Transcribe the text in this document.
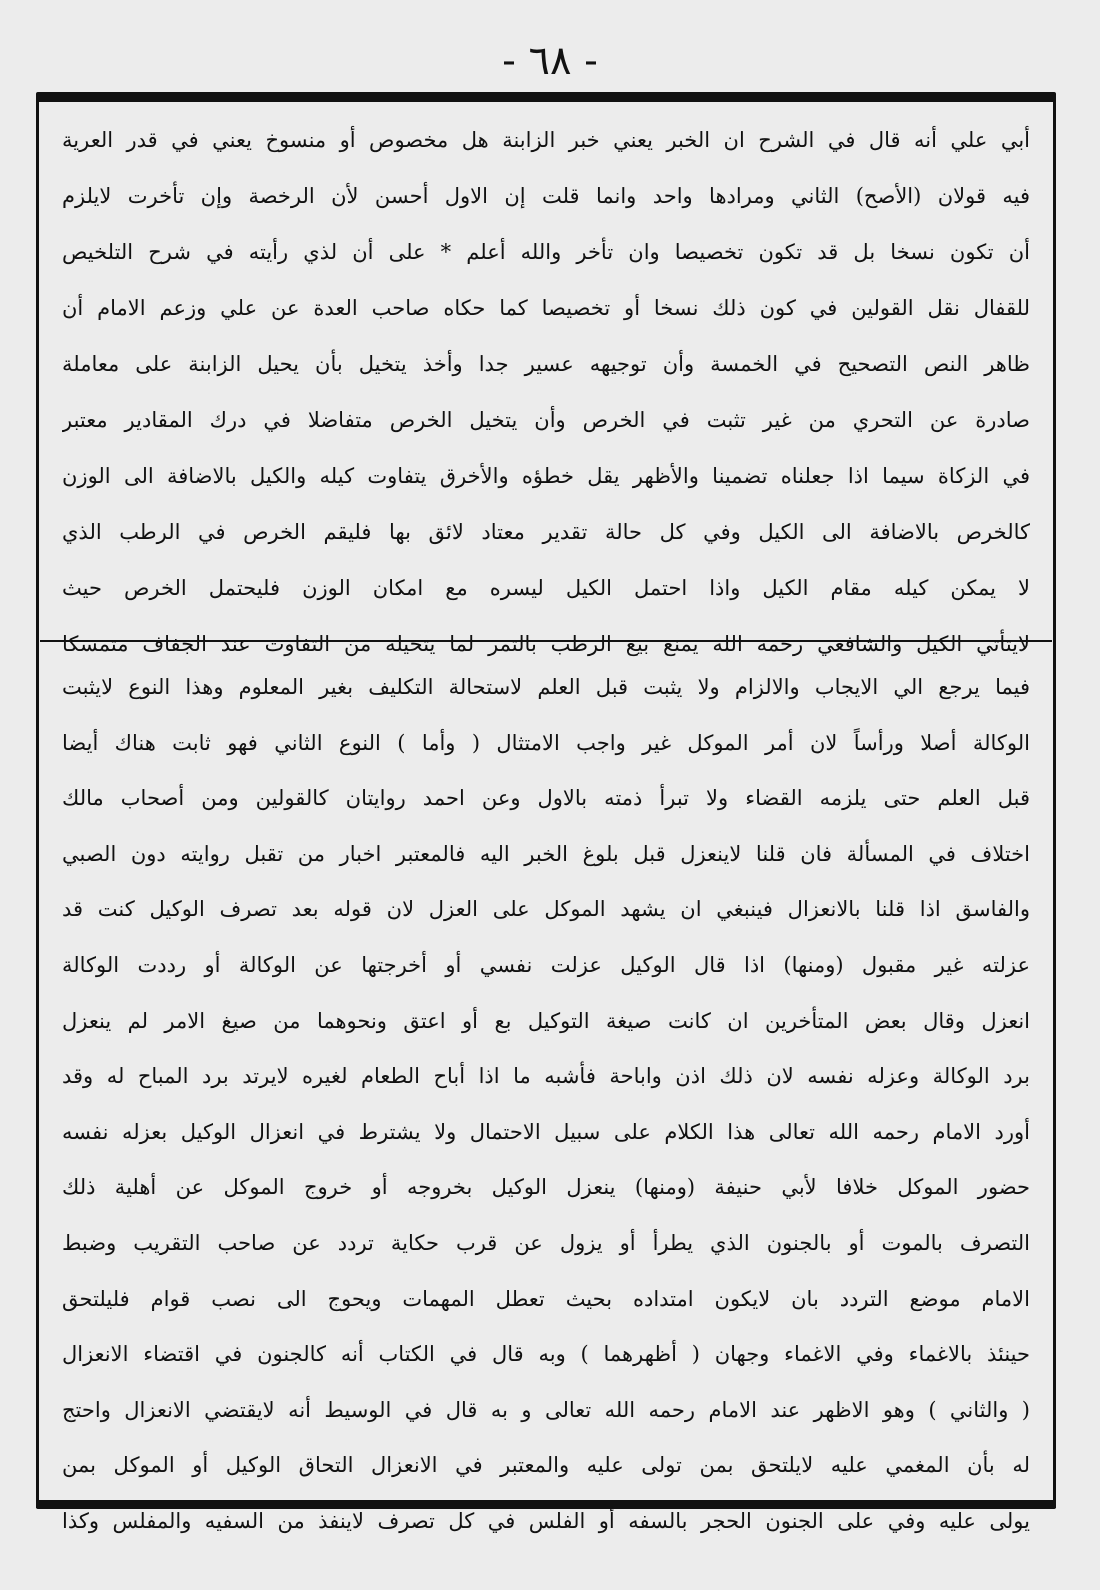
- ٦٨ -
أبي علي أنه قال في الشرح ان الخبر يعني خبر الزابنة هل مخصوص أو منسوخ يعني في قدر العرية
فيه قولان (الأصح) الثاني ومرادها واحد وانما قلت إن الاول أحسن لأن الرخصة وإن تأخرت لايلزم
أن تكون نسخا بل قد تكون تخصيصا وان تأخر والله أعلم * على أن لذي رأيته في شرح التلخيص
للقفال نقل القولين في كون ذلك نسخا أو تخصيصا كما حكاه صاحب العدة عن علي وزعم الامام أن
ظاهر النص التصحيح في الخمسة وأن توجيهه عسير جدا وأخذ يتخيل بأن يحيل الزابنة على معاملة
صادرة عن التحري من غير تثبت في الخرص وأن يتخيل الخرص متفاضلا في درك المقادير معتبر
في الزكاة سيما اذا جعلناه تضمينا والأظهر يقل خطؤه والأخرق يتفاوت كيله والكيل بالاضافة الى الوزن
كالخرص بالاضافة الى الكيل وفي كل حالة تقدير معتاد لائق بها فليقم الخرص في الرطب الذي
لا يمكن كيله مقام الكيل واذا احتمل الكيل ليسره مع امكان الوزن فليحتمل الخرص حيث
لايتأتي الكيل والشافعي رحمه الله يمنع بيع الرطب بالتمر لما يتخيله من التفاوت عند الجفاف متمسكا
فيما يرجع الي الايجاب والالزام ولا يثبت قبل العلم لاستحالة التكليف بغير المعلوم وهذا النوع لايثبت
الوكالة أصلا ورأساً لان أمر الموكل غير واجب الامتثال ( وأما ) النوع الثاني فهو ثابت هناك أيضا
قبل العلم حتى يلزمه القضاء ولا تبرأ ذمته بالاول وعن احمد روايتان كالقولين ومن أصحاب مالك
اختلاف في المسألة فان قلنا لاينعزل قبل بلوغ الخبر اليه فالمعتبر اخبار من تقبل روايته دون الصبي
والفاسق اذا قلنا بالانعزال فينبغي ان يشهد الموكل على العزل لان قوله بعد تصرف الوكيل كنت قد
عزلته غير مقبول (ومنها) اذا قال الوكيل عزلت نفسي أو أخرجتها عن الوكالة أو رددت الوكالة
انعزل وقال بعض المتأخرين ان كانت صيغة التوكيل بع أو اعتق ونحوهما من صيغ الامر لم ينعزل
برد الوكالة وعزله نفسه لان ذلك اذن واباحة فأشبه ما اذا أباح الطعام لغيره لايرتد برد المباح له وقد
أورد الامام رحمه الله تعالى هذا الكلام على سبيل الاحتمال ولا يشترط في انعزال الوكيل بعزله نفسه
حضور الموكل خلافا لأبي حنيفة (ومنها) ينعزل الوكيل بخروجه أو خروج الموكل عن أهلية ذلك
التصرف بالموت أو بالجنون الذي يطرأ أو يزول عن قرب حكاية تردد عن صاحب التقريب وضبط
الامام موضع التردد بان لايكون امتداده بحيث تعطل المهمات ويحوج الى نصب قوام فليلتحق
حينئذ بالاغماء وفي الاغماء وجهان ( أظهرهما ) وبه قال في الكتاب أنه كالجنون في اقتضاء الانعزال
( والثاني ) وهو الاظهر عند الامام رحمه الله تعالى و به قال في الوسيط أنه لايقتضي الانعزال واحتج
له بأن المغمي عليه لايلتحق بمن تولى عليه والمعتبر في الانعزال التحاق الوكيل أو الموكل بمن
يولى عليه وفي على الجنون الحجر بالسفه أو الفلس في كل تصرف لاينفذ من السفيه والمفلس وكذا
